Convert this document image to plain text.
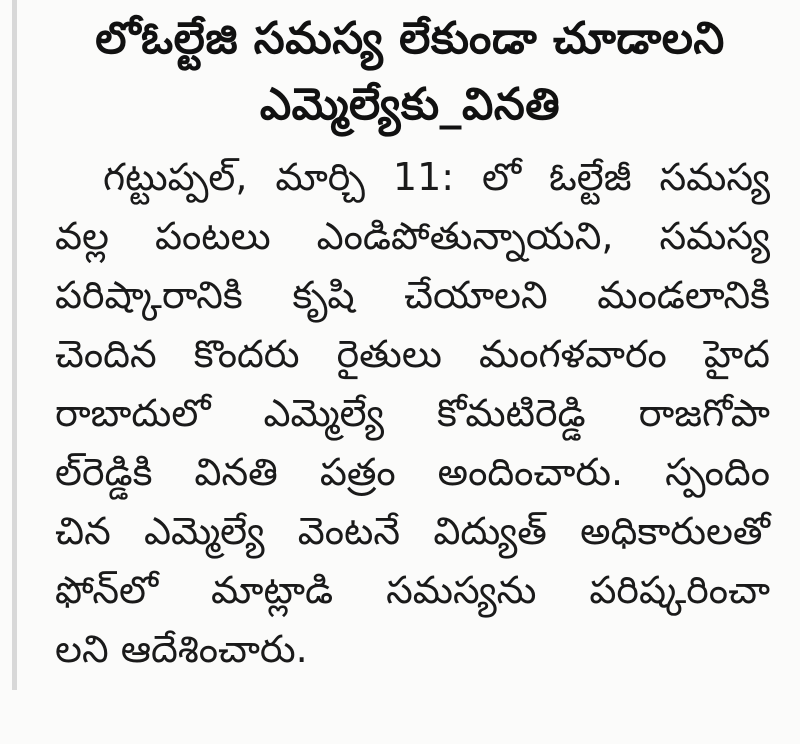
లోఓల్టేజి సమస్య లేకుండా చూడాలని
ఎమ్మెల్యేకు_వినతి
గట్టుప్పల్, మార్చి 11: లో ఓల్టేజీ సమస్య
వల్ల పంటలు ఎండిపోతున్నాయని, సమస్య
పరిష్కారానికి కృషి చేయాలని మండలానికి
చెందిన కొందరు రైతులు మంగళవారం హైద
రాబాదులో ఎమ్మెల్యే కోమటిరెడ్డి రాజగోపా
ల్‌రెడ్డికి వినతి పత్రం అందించారు. స్పందిం
చిన ఎమ్మెల్యే వెంటనే విద్యుత్ అధికారులతో
ఫోన్‌లో మాట్లాడి సమస్యను పరిష్కరించా
లని ఆదేశించారు.
